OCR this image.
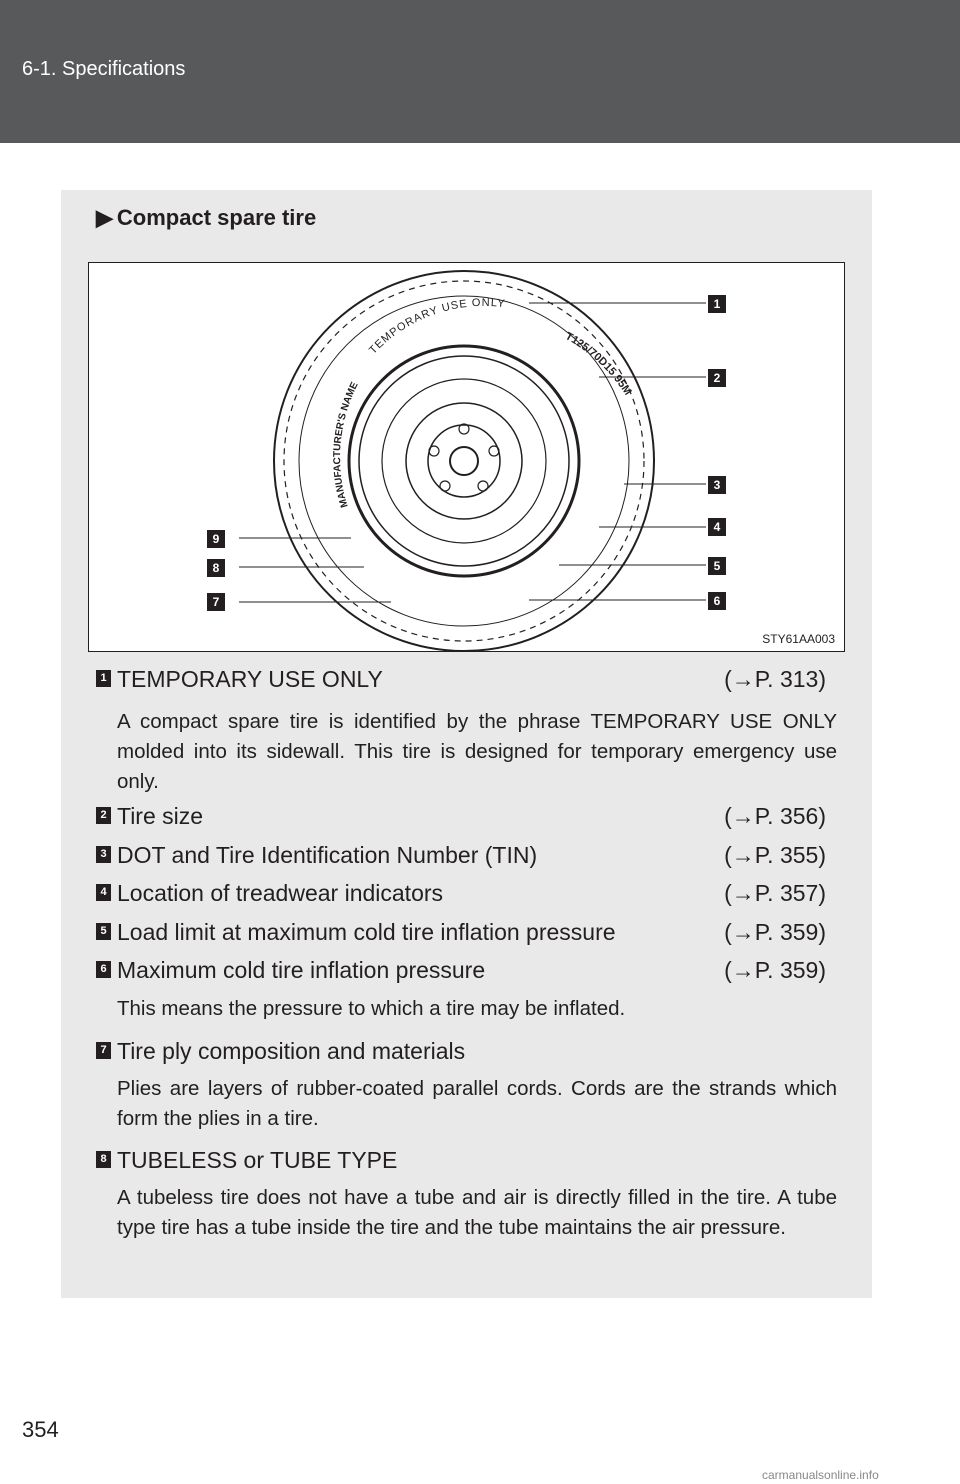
6-1. Specifications
▶ Compact spare tire
TEMPORARY USE ONLY
MANUFACTURER'S NAME
T125/70D15 95M
1
2
3
4
5
6
7
8
9
STY61AA003
1 TEMPORARY USE ONLY	(→P. 313)
A compact spare tire is identified by the phrase TEMPORARY USE ONLY molded into its sidewall. This tire is designed for temporary emergency use only.
2 Tire size	(→P. 356)
3 DOT and Tire Identification Number (TIN)	(→P. 355)
4 Location of treadwear indicators	(→P. 357)
5 Load limit at maximum cold tire inflation pressure	(→P. 359)
6 Maximum cold tire inflation pressure	(→P. 359)
This means the pressure to which a tire may be inflated.
7 Tire ply composition and materials
Plies are layers of rubber-coated parallel cords. Cords are the strands which form the plies in a tire.
8 TUBELESS or TUBE TYPE
A tubeless tire does not have a tube and air is directly filled in the tire. A tube type tire has a tube inside the tire and the tube maintains the air pressure.
354
carmanualsonline.info
